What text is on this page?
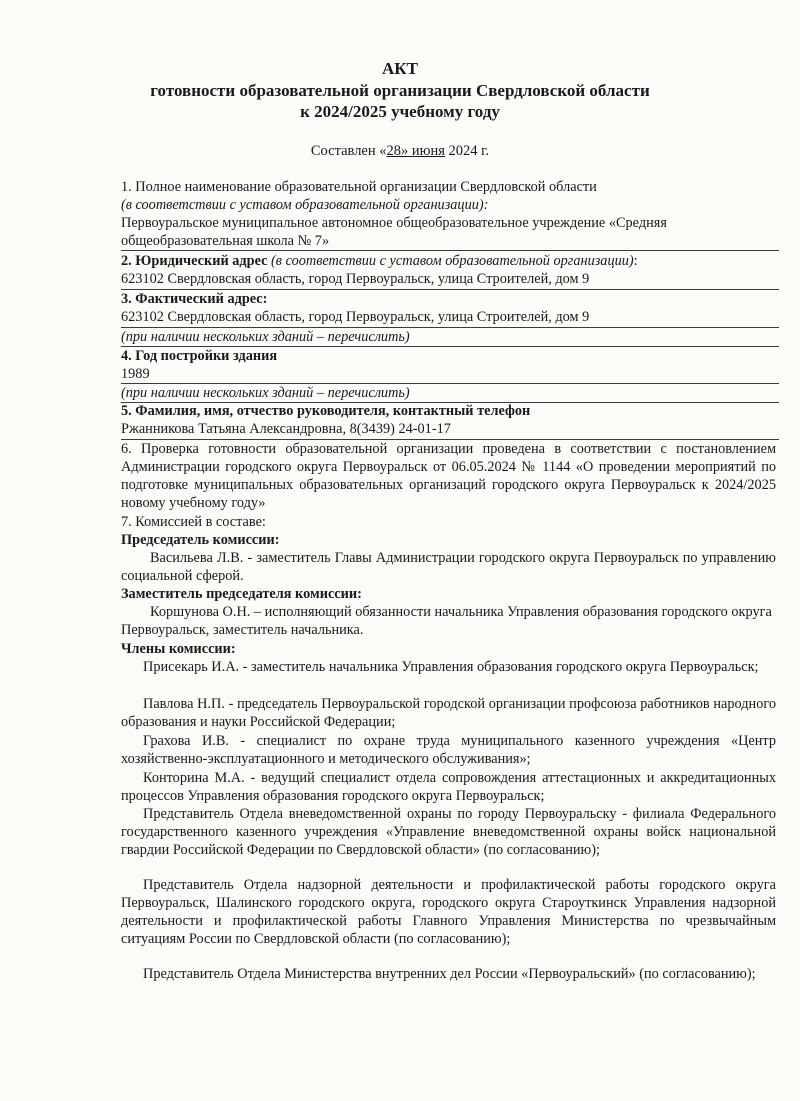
АКТ
готовности образовательной организации Свердловской области
к 2024/2025 учебному году
Составлен «28» июня 2024 г.
1. Полное наименование образовательной организации Свердловской области
(в соответствии с уставом образовательной организации):
Первоуральское муниципальное автономное общеобразовательное учреждение «Средняя общеобразовательная школа № 7»
2. Юридический адрес (в соответствии с уставом образовательной организации):
623102 Свердловская область, город Первоуральск, улица Строителей, дом 9
3. Фактический адрес:
623102 Свердловская область, город Первоуральск, улица Строителей, дом 9
(при наличии нескольких зданий – перечислить)
4. Год постройки здания
1989
(при наличии нескольких зданий – перечислить)
5. Фамилия, имя, отчество руководителя, контактный телефон
Ржанникова Татьяна Александровна, 8(3439) 24-01-17
6. Проверка готовности образовательной организации проведена в соответствии с постановлением Администрации городского округа Первоуральск от 06.05.2024 № 1144 «О проведении мероприятий по подготовке муниципальных образовательных организаций городского округа Первоуральск к 2024/2025 новому учебному году»
7. Комиссией в составе:
Председатель комиссии:
Васильева Л.В. - заместитель Главы Администрации городского округа Первоуральск по управлению социальной сферой.
Заместитель председателя комиссии:
Коршунова О.Н. – исполняющий обязанности начальника Управления образования городского округа Первоуральск, заместитель начальника.
Члены комиссии:
Присекарь И.А. - заместитель начальника Управления образования городского округа Первоуральск;
Павлова Н.П. - председатель Первоуральской городской организации профсоюза работников народного образования и науки Российской Федерации;
Грахова И.В. - специалист по охране труда муниципального казенного учреждения «Центр хозяйственно-эксплуатационного и методического обслуживания»;
Конторина М.А. - ведущий специалист отдела сопровождения аттестационных и аккредитационных процессов Управления образования городского округа Первоуральск;
Представитель Отдела вневедомственной охраны по городу Первоуральску - филиала Федерального государственного казенного учреждения «Управление вневедомственной охраны войск национальной гвардии Российской Федерации по Свердловской области» (по согласованию);
Представитель Отдела надзорной деятельности и профилактической работы городского округа Первоуральск, Шалинского городского округа, городского округа Староуткинск Управления надзорной деятельности и профилактической работы Главного Управления Министерства по чрезвычайным ситуациям России по Свердловской области (по согласованию);
Представитель Отдела Министерства внутренних дел России «Первоуральский» (по согласованию);
